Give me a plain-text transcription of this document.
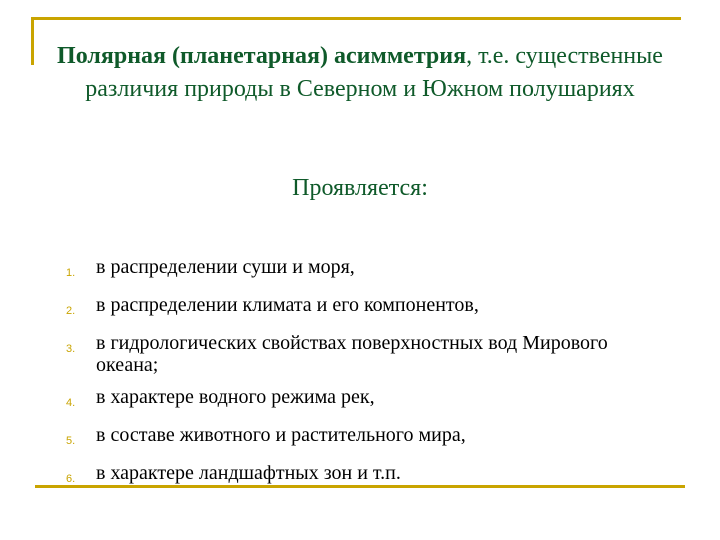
Полярная (планетарная) асимметрия, т.е. существенные различия природы в Северном и Южном полушариях
Проявляется:
1.	в распределении суши и моря,
2.	в распределении климата и его компонентов,
3.	в гидрологических свойствах поверхностных вод Мирового океана;
4.	в характере водного режима рек,
5.	в составе животного и растительного мира,
6.	в характере ландшафтных зон и т.п.
